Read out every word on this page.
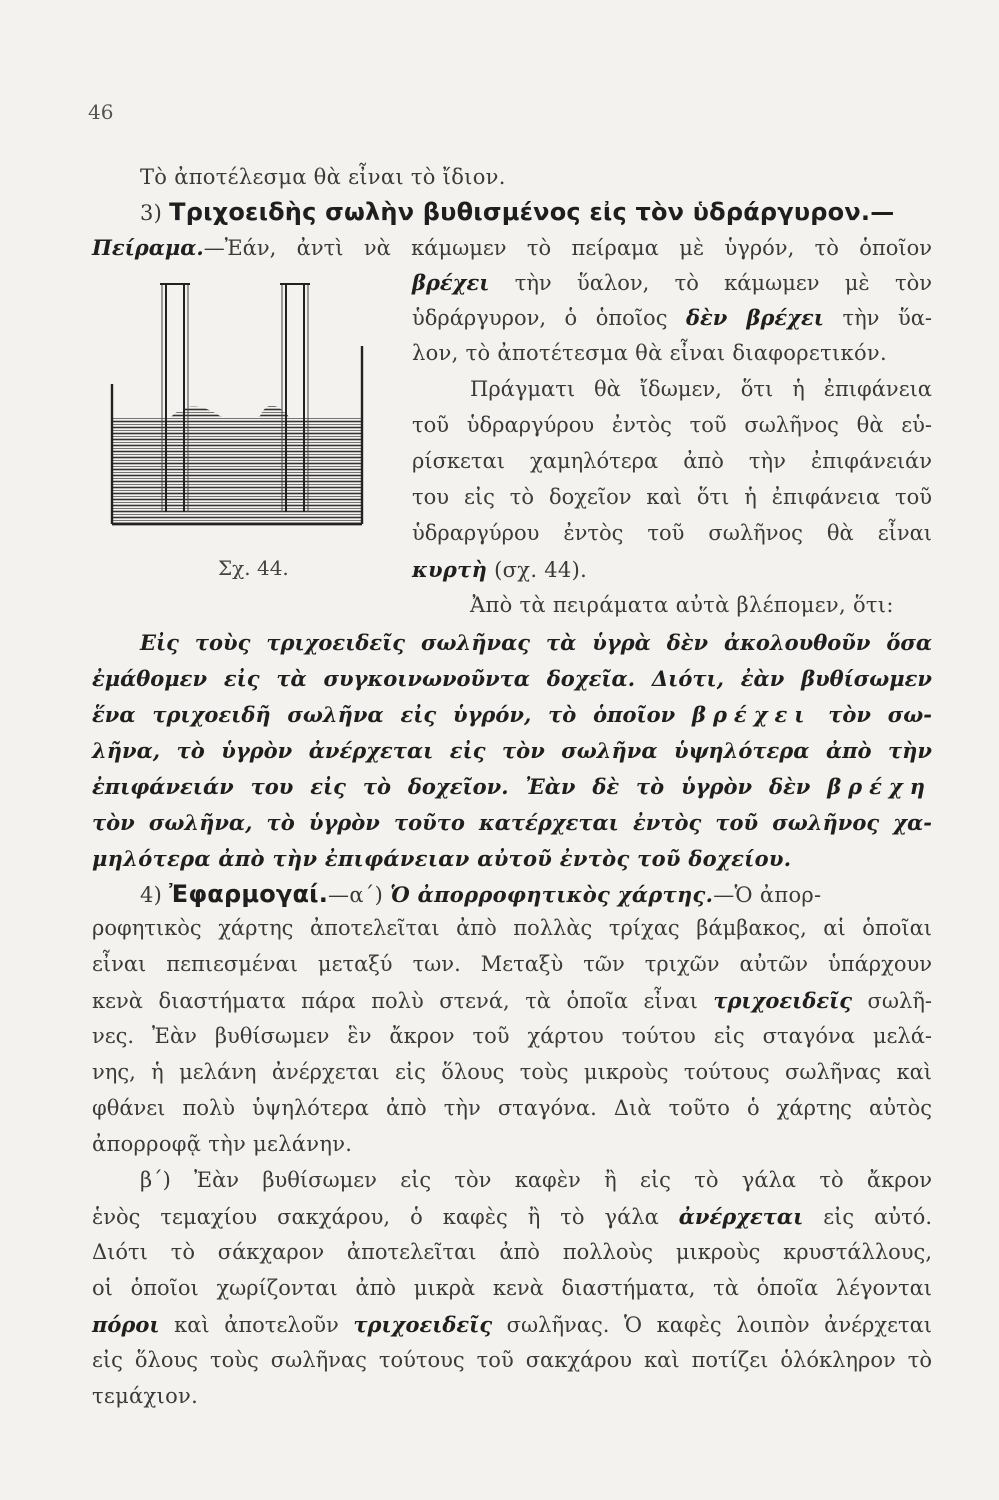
46
Τὸ ἀποτέλεσμα θὰ εἶναι τὸ ἴδιον.
3) Τριχοειδὴς σωλὴν βυθισμένος εἰς τὸν ὑδράργυρον.—
Πείραμα.—Ἐάν, ἀντὶ νὰ κάμωμεν τὸ πείραμα μὲ ὑγρόν, τὸ ὁποῖον
βρέχει τὴν ὕαλον, τὸ κάμωμεν μὲ τὸν
ὑδράργυρον, ὁ ὁποῖος δὲν βρέχει τὴν ὕα-
λον, τὸ ἀποτέτεσμα θὰ εἶναι διαφορετικόν.
Πράγματι θὰ ἴδωμεν, ὅτι ἡ ἐπιφάνεια
τοῦ ὑδραργύρου ἐντὸς τοῦ σωλῆνος θὰ εὑ-
ρίσκεται χαμηλότερα ἀπὸ τὴν ἐπιφάνειάν
του εἰς τὸ δοχεῖον καὶ ὅτι ἡ ἐπιφάνεια τοῦ
ὑδραργύρου ἐντὸς τοῦ σωλῆνος θὰ εἶναι
κυρτὴ (σχ. 44).
Ἀπὸ τὰ πειράματα αὐτὰ βλέπομεν, ὅτι:
Σχ. 44.
Εἰς τοὺς τριχοειδεῖς σωλῆνας τὰ ὑγρὰ δὲν ἀκολουθοῦν ὅσα
ἐμάθομεν εἰς τὰ συγκοινωνοῦντα δοχεῖα. Διότι, ἐὰν βυθίσωμεν
ἕνα τριχοειδῆ σωλῆνα εἰς ὑγρόν, τὸ ὁποῖον βρέχει τὸν σω-
λῆνα, τὸ ὑγρὸν ἀνέρχεται εἰς τὸν σωλῆνα ὑψηλότερα ἀπὸ τὴν
ἐπιφάνειάν του εἰς τὸ δοχεῖον. Ἐὰν δὲ τὸ ὑγρὸν δὲν βρέχη
τὸν σωλῆνα, τὸ ὑγρὸν τοῦτο κατέρχεται ἐντὸς τοῦ σωλῆνος χα-
μηλότερα ἀπὸ τὴν ἐπιφάνειαν αὐτοῦ ἐντὸς τοῦ δοχείου.
4) Ἐφαρμογαί.—α΄) Ὁ ἀπορροφητικὸς χάρτης.—Ὁ ἀπορ-
ροφητικὸς χάρτης ἀποτελεῖται ἀπὸ πολλὰς τρίχας βάμβακος, αἱ ὁποῖαι
εἶναι πεπιεσμέναι μεταξύ των. Μεταξὺ τῶν τριχῶν αὐτῶν ὑπάρχουν
κενὰ διαστήματα πάρα πολὺ στενά, τὰ ὁποῖα εἶναι τριχοειδεῖς σωλῆ-
νες. Ἐὰν βυθίσωμεν ἓν ἄκρον τοῦ χάρτου τούτου εἰς σταγόνα μελά-
νης, ἡ μελάνη ἀνέρχεται εἰς ὅλους τοὺς μικροὺς τούτους σωλῆνας καὶ
φθάνει πολὺ ὑψηλότερα ἀπὸ τὴν σταγόνα. Διὰ τοῦτο ὁ χάρτης αὐτὸς
ἀπορροφᾷ τὴν μελάνην.
β΄) Ἐὰν βυθίσωμεν εἰς τὸν καφὲν ἢ εἰς τὸ γάλα τὸ ἄκρον
ἑνὸς τεμαχίου σακχάρου, ὁ καφὲς ἢ τὸ γάλα ἀνέρχεται εἰς αὐτό.
Διότι τὸ σάκχαρον ἀποτελεῖται ἀπὸ πολλοὺς μικροὺς κρυστάλλους,
οἱ ὁποῖοι χωρίζονται ἀπὸ μικρὰ κενὰ διαστήματα, τὰ ὁποῖα λέγονται
πόροι καὶ ἀποτελοῦν τριχοειδεῖς σωλῆνας. Ὁ καφὲς λοιπὸν ἀνέρχεται
εἰς ὅλους τοὺς σωλῆνας τούτους τοῦ σακχάρου καὶ ποτίζει ὁλόκληρον τὸ
τεμάχιον.
